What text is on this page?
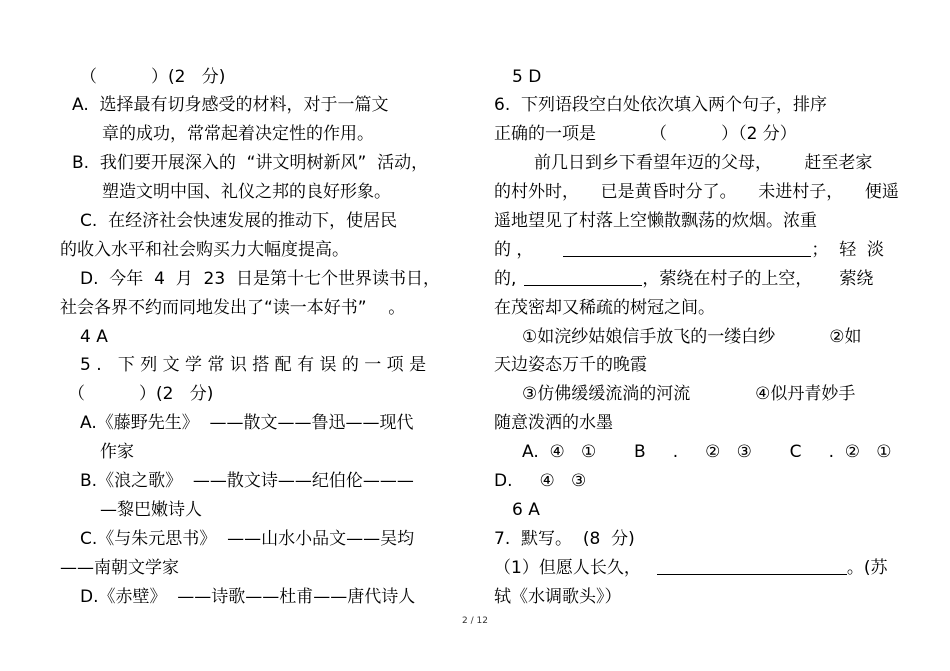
（          ）(2   分)
A.  选择最有切身感受的材料，对于一篇文
章的成功，常常起着决定性的作用。
B.  我们要开展深入的  “讲文明树新风”  活动，
塑造文明中国、礼仪之邦的良好形象。
C.  在经济社会快速发展的推动下，使居民
的收入水平和社会购买力大幅度提高。
D.  今年  4  月  23  日是第十七个世界读书日，
社会各界不约而同地发出了“读一本好书”    。
4 A
5 .   下 列 文 学 常 识 搭 配 有 误 的 一 项 是
（          ）(2   分)
A.《藤野先生》  ——散文——鲁迅——现代
作家
B.《浪之歌》  ——散文诗——纪伯伦———
—黎巴嫩诗人
C.《与朱元思书》  ——山水小品文——吴均
——南朝文学家
D.《赤壁》  ——诗歌——杜甫——唐代诗人
5 D
6.  下列语段空白处依次填入两个句子，排序
正确的一项是          （          ）（2 分）
前几日到乡下看望年迈的父母，      赶至老家
的村外时，    已是黄昏时分了。    未进村子，    便遥
遥地望见了村落上空懒散飘荡的炊烟。浓重
的 ，	；  轻  淡
的,	，萦绕在村子的上空，     萦绕
在茂密却又稀疏的树冠之间。
①如浣纱姑娘信手放飞的一缕白纱          ②如
天边姿态万千的晚霞
③仿佛缓缓流淌的河流            ④似丹青妙手
随意泼洒的水墨
A.  ④   ①       B     .     ②   ③       C     .  ②   ①
D.     ④   ③
6 A
7.  默写。  (8  分)
（1）但愿人长久，	。(苏
轼《水调歌头》）
2 / 12
